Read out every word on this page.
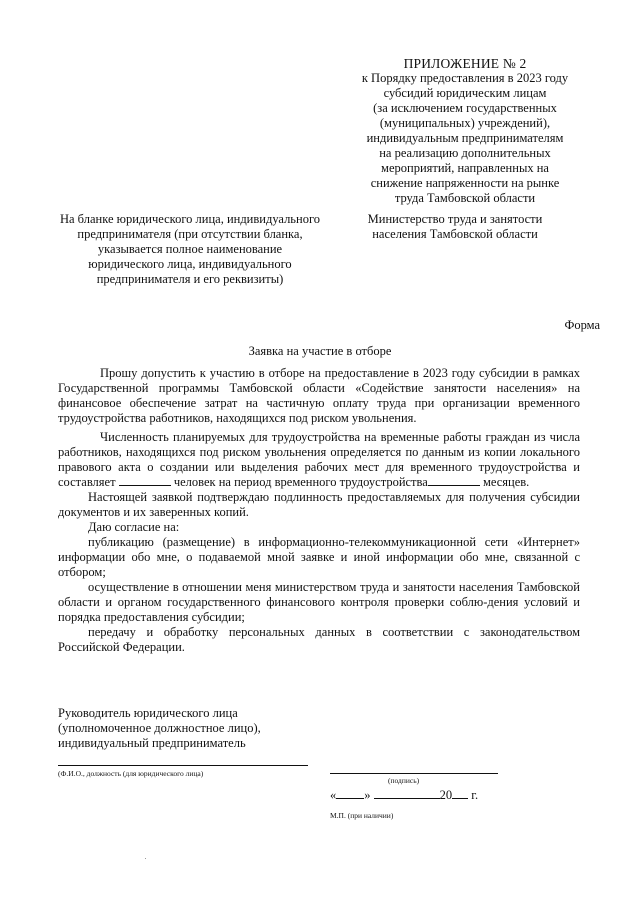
ПРИЛОЖЕНИЕ № 2
к Порядку предоставления в 2023 году
субсидий юридическим лицам
(за исключением государственных
(муниципальных) учреждений),
индивидуальным предпринимателям
на реализацию дополнительных
мероприятий, направленных на
снижение напряженности на рынке
труда Тамбовской области
На бланке юридического лица, индивидуального
предпринимателя (при отсутствии бланка,
указывается полное наименование
юридического лица, индивидуального
предпринимателя и его реквизиты)
Министерство труда и занятости
населения Тамбовской области
Форма
Заявка на участие в отборе

Прошу допустить к участию в отборе на предоставление в 2023 году субсидии в рамках Государственной программы Тамбовской области «Содействие занятости населения» на финансовое обеспечение затрат на частичную оплату труда при организации временного трудоустройства работников, находящихся под риском увольнения.

Численность планируемых для трудоустройства на временные работы граждан из числа работников, находящихся под риском увольнения определяется по данным из копии локального правового акта о создании или выделения рабочих мест для временного трудоустройства и составляет	человек на период временного трудоустройства	месяцев.

Настоящей заявкой подтверждаю подлинность предоставляемых для получения субсидии документов и их заверенных копий.

Даю согласие на:

публикацию (размещение) в информационно-телекоммуникационной сети «Интернет» информации обо мне, о подаваемой мной заявке и иной информации обо мне, связанной с отбором;

осуществление в отношении меня министерством труда и занятости населения Тамбовской области и органом государственного финансового контроля проверки соблю-дения условий и порядка предоставления субсидии;

передачу и обработку персональных данных в соответствии с законодательством Российской Федерации.

Руководитель юридического лица
(уполномоченное должностное лицо),
индивидуальный предприниматель
(Ф.И.О., должность (для юридического лица)
(подпись)
« »	20 г.
М.П. (при наличии)
